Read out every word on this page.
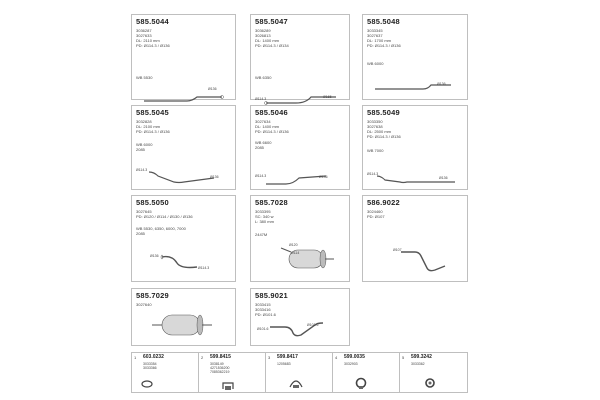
585.5044
3036287
3027633
DL: 2110 mm
PD: Ø114.3 / Ø136
WB 5530
Ø136
585.5047
3036289
3026813
DL: 1400 mm
PD: Ø114.3 / Ø134
WB 6350
Ø114.3	Ø165
585.5048
3033345
3027637
DL: 1700 mm
PD: Ø114.3 / Ø136
WB 6000
Ø136
585.5045
3032828
DL: 2100 mm
PD: Ø114.3 / Ø136
WB 6000
2085
Ø114.3
Ø136
585.5046
3027634
DL: 1400 mm
PD: Ø114.3 / Ø136
WB 6600
2085
Ø114.3	Ø136
585.5049
3033350
3027638
DL: 2500 mm
PD: Ø114.3 / Ø136
WB 7000
Ø114.3
Ø136
585.5050
3027645
PD: Ø120 / Ø114 / Ø130 / Ø136
WB 5530, 6350, 6000, 7000
2085
Ø136
Ø114.3
585.7028
3033395
SC: 340 w
L: 380 mm
2447M
Ø120
Ø114
586.9022
3024460
PD: Ø107
Ø107
585.7029
3027640
585.9021
3033415
3033416
PD: Ø101.6
Ø101.6
Ø101.6
1 603.0232
3033354
3033366
2 599.8415
3038149
4271536200
7085362219
3 599.8417
1205683
4 599.0035
3032903
5 599.3242
3033362
